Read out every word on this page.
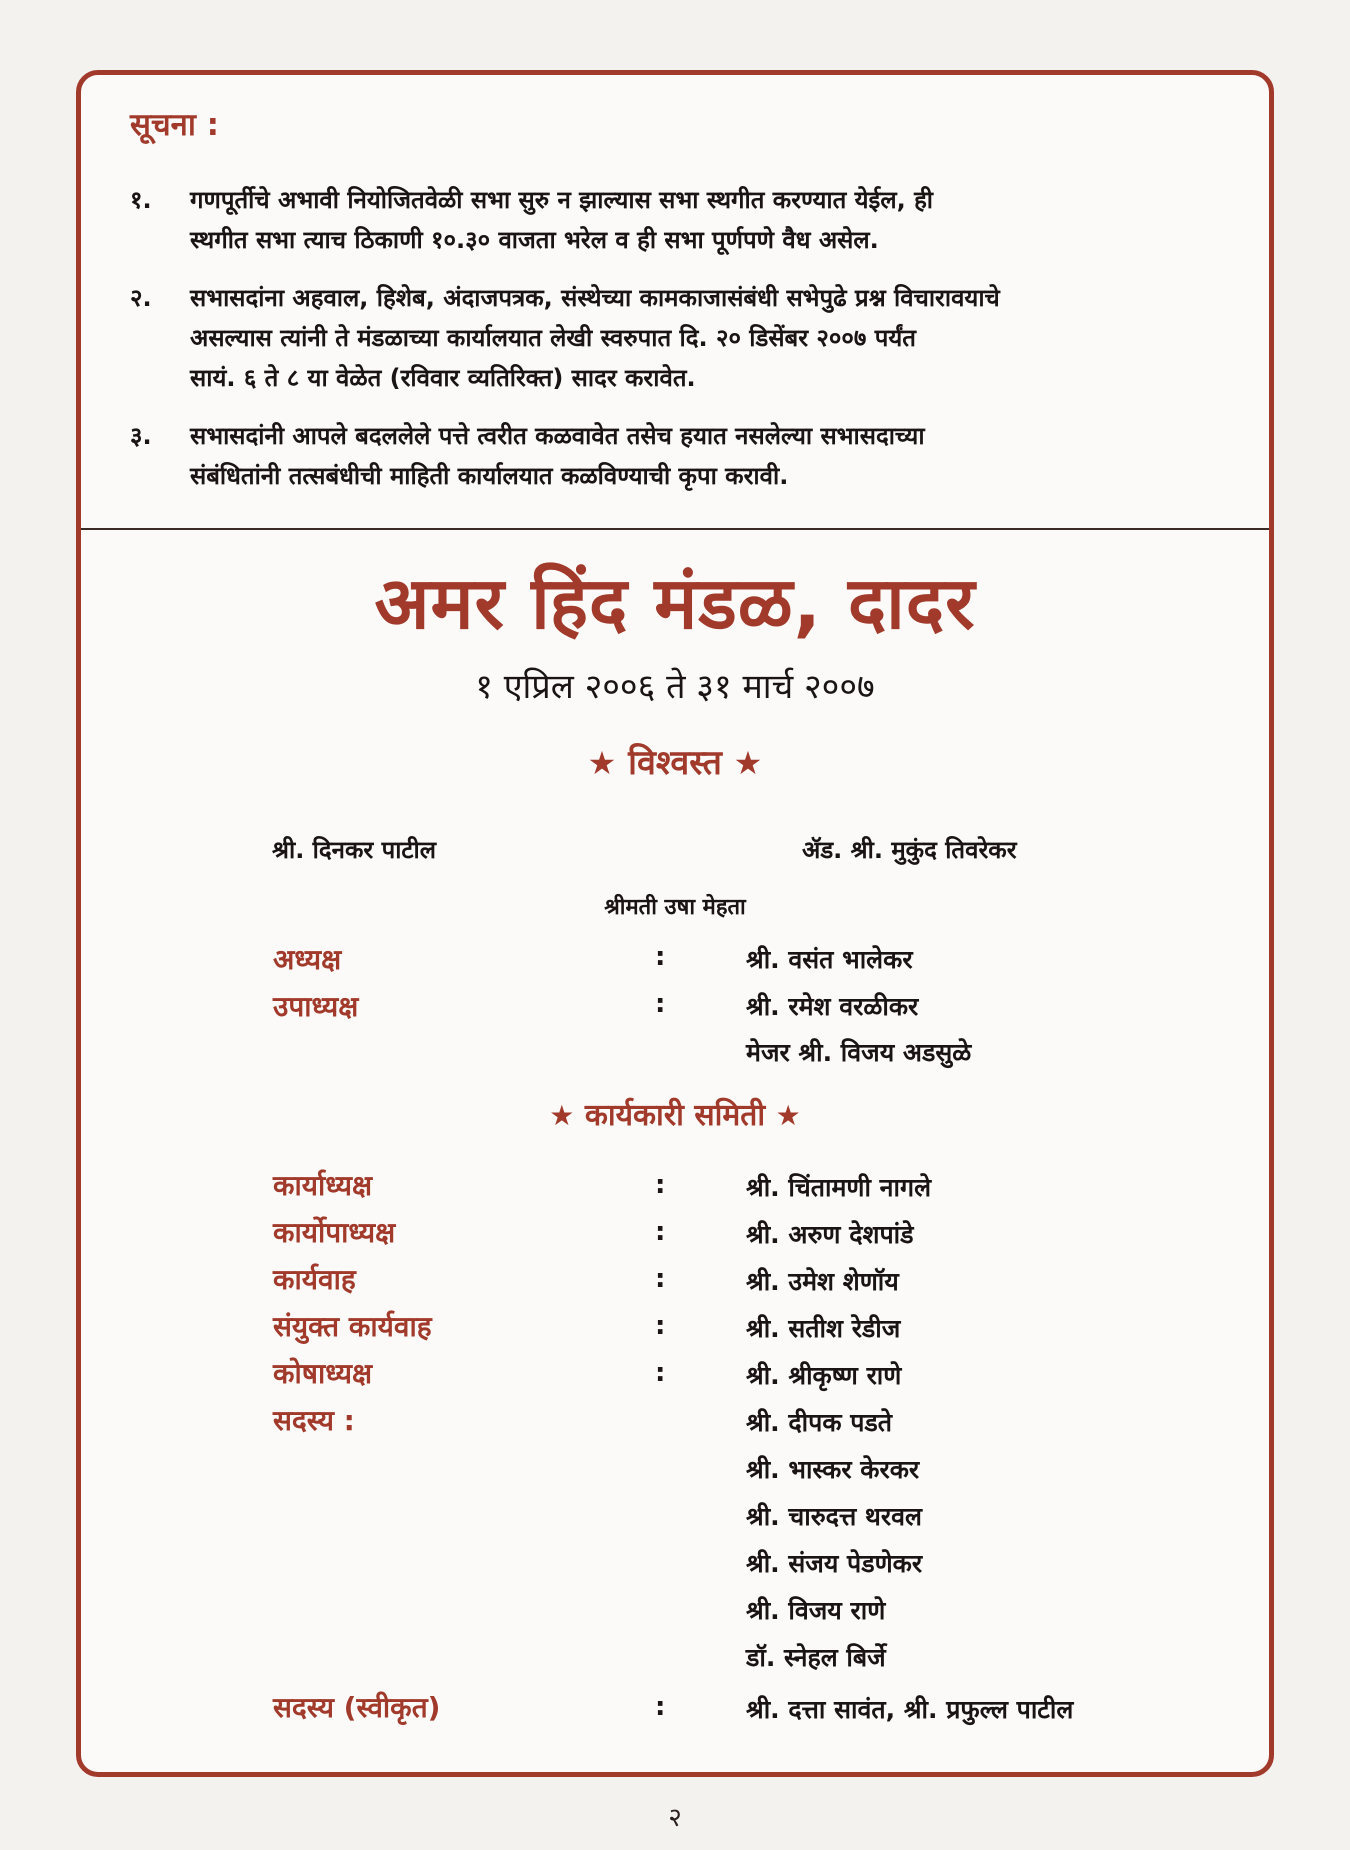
सूचना :
१. गणपूर्तीचे अभावी नियोजितवेळी सभा सुरु न झाल्यास सभा स्थगीत करण्यात येईल, ही
स्थगीत सभा त्याच ठिकाणी १०.३० वाजता भरेल व ही सभा पूर्णपणे वैध असेल.
२. सभासदांना अहवाल, हिशेब, अंदाजपत्रक, संस्थेच्या कामकाजासंबंधी सभेपुढे प्रश्न विचारावयाचे
असल्यास त्यांनी ते मंडळाच्या कार्यालयात लेखी स्वरुपात दि. २० डिसेंबर २००७ पर्यंत
सायं. ६ ते ८ या वेळेत (रविवार व्यतिरिक्त) सादर करावेत.
३. सभासदांनी आपले बदललेले पत्ते त्वरीत कळवावेत तसेच हयात नसलेल्या सभासदाच्या
संबंधितांनी तत्सबंधीची माहिती कार्यालयात कळविण्याची कृपा करावी.
अमर हिंद मंडळ, दादर
१ एप्रिल २००६ ते ३१ मार्च २००७
★ विश्वस्त ★
श्री. दिनकर पाटील	ॲड. श्री. मुकुंद तिवरेकर
श्रीमती उषा मेहता
अध्यक्ष	:	श्री. वसंत भालेकर
उपाध्यक्ष	:	श्री. रमेश वरळीकर
मेजर श्री. विजय अडसुळे
★ कार्यकारी समिती ★
कार्याध्यक्ष	:	श्री. चिंतामणी नागले
कार्योपाध्यक्ष	:	श्री. अरुण देशपांडे
कार्यवाह	:	श्री. उमेश शेणॉय
संयुक्त कार्यवाह	:	श्री. सतीश रेडीज
कोषाध्यक्ष	:	श्री. श्रीकृष्ण राणे
सदस्य :	श्री. दीपक पडते
श्री. भास्कर केरकर
श्री. चारुदत्त थरवल
श्री. संजय पेडणेकर
श्री. विजय राणे
डॉ. स्नेहल बिर्जे
सदस्य (स्वीकृत)	:	श्री. दत्ता सावंत, श्री. प्रफुल्ल पाटील
२
